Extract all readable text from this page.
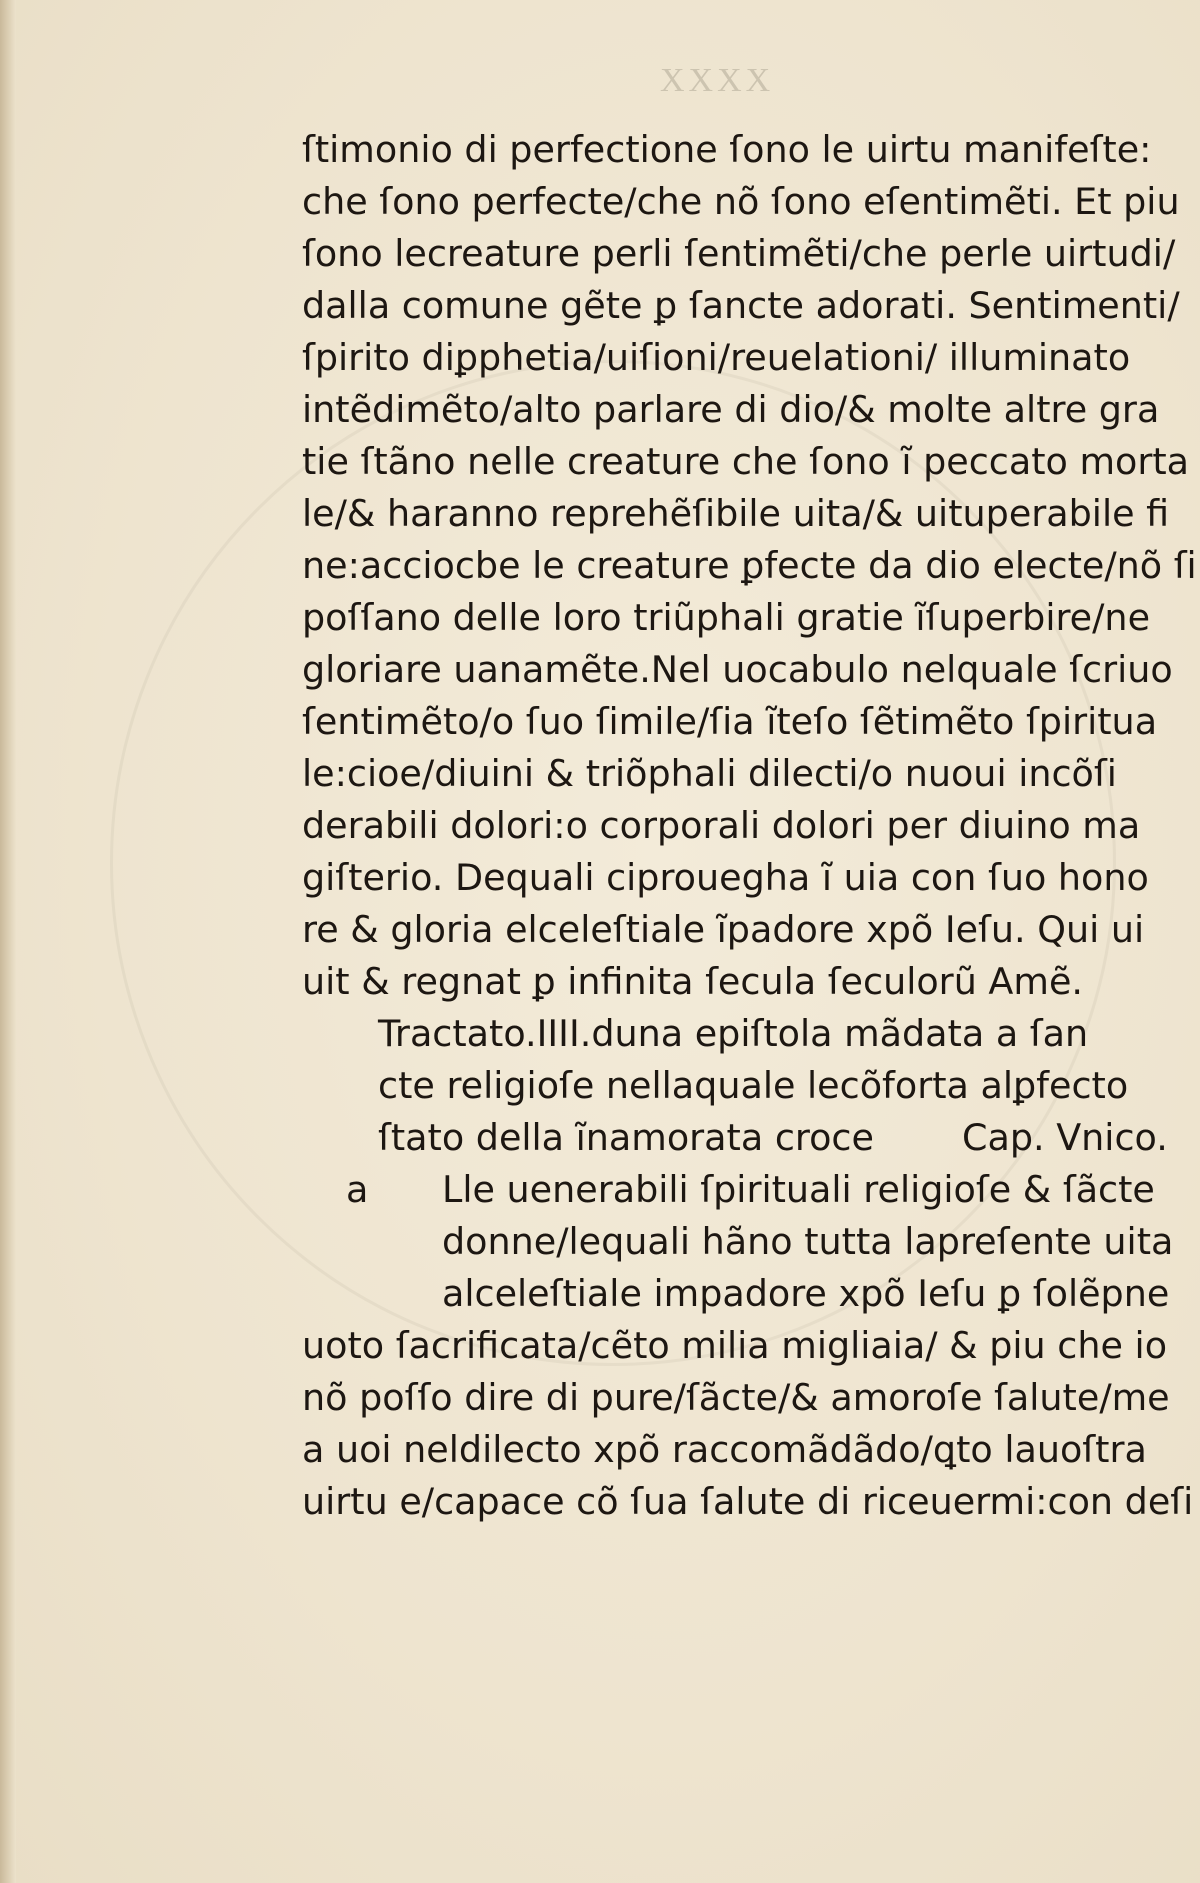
XXXX
ſtimonio di perfectione ſono le uirtu manifeſte:
che ſono perfecte/che nõ ſono eſentimẽti. Et piu
ſono lecreature perli ſentimẽti/che perle uirtudi/
dalla comune gẽte ꝑ ſancte adorati. Sentimenti/
ſpirito diꝑphetia/uiſioni/reuelationi/ illuminato
intẽdimẽto/alto parlare di dio/& molte altre gra
tie ſtãno nelle creature che ſono ĩ peccato morta
le/& haranno reprehẽſibile uita/& uituperabile fi
ne:acciocbe le creature ꝑfecte da dio electe/nõ ſi
poſſano delle loro triũphali gratie ĩſuperbire/ne
gloriare uanamẽte.Nel uocabulo nelquale ſcriuo
ſentimẽto/o ſuo ſimile/ſia ĩteſo ſẽtimẽto ſpiritua
le:cioe/diuini & triõphali dilecti/o nuoui incõſi
derabili dolori:o corporali dolori per diuino ma
giſterio. Dequali ciprouegha ĩ uia con ſuo hono
re & gloria elceleſtiale ĩpadore xpõ Ieſu. Qui ui
uit & regnat ꝑ infinita ſecula ſeculorũ Amẽ.
Tractato.IIII.duna epiſtola mãdata a ſan
cte religioſe nellaquale lecõforta alꝑfecto
ſtato della ĩnamorata croce Cap. Vnico.
a Lle uenerabili ſpirituali religioſe & ſãcte
donne/lequali hãno tutta lapreſente uita
alceleſtiale impadore xpõ Ieſu ꝑ ſolẽpne
uoto ſacrificata/cẽto milia migliaia/ & piu che io
nõ poſſo dire di pure/ſãcte/& amoroſe ſalute/me
a uoi neldilecto xpõ raccomãdãdo/ꝗto lauoſtra
uirtu e/capace cõ ſua ſalute di riceuermi:con deſi
